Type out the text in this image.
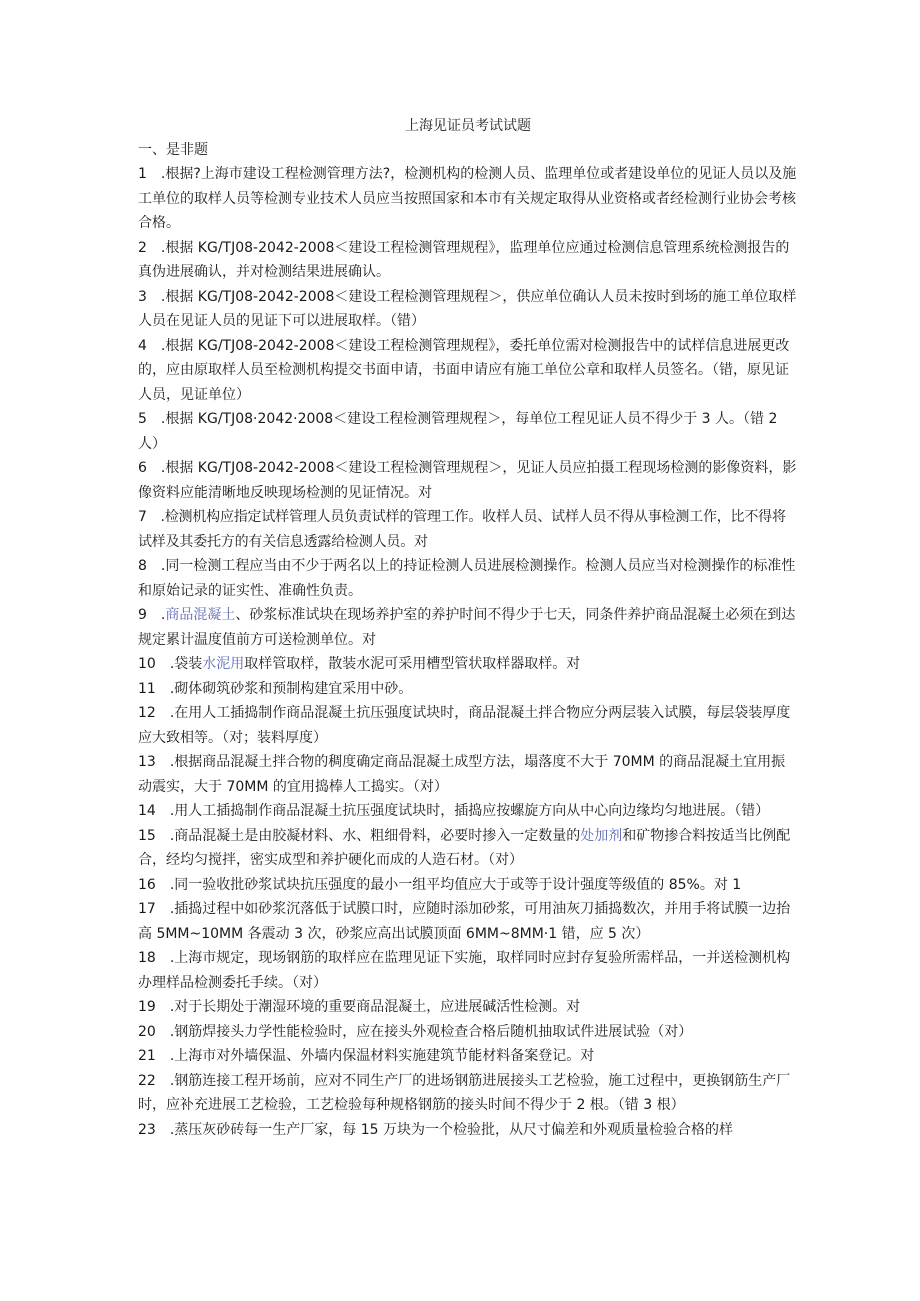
上海见证员考试试题
一、是非题

1　.根据?上海市建设工程检测管理方法?，检测机构的检测人员、监理单位或者建设单位的见证人员以及施工单位的取样人员等检测专业技术人员应当按照国家和本市有关规定取得从业资格或者经检测行业协会考核合格。

2　.根据 KG/TJ08-2042-2008＜建设工程检测管理规程》，监理单位应通过检测信息管理系统检测报告的真伪进展确认，并对检测结果进展确认。

3　.根据 KG/TJ08-2042-2008＜建设工程检测管理规程＞，供应单位确认人员未按时到场的施工单位取样人员在见证人员的见证下可以进展取样。（错）

4　.根据 KG/TJ08-2042-2008＜建设工程检测管理规程》，委托单位需对检测报告中的试样信息进展更改的，应由原取样人员至检测机构提交书面申请，书面申请应有施工单位公章和取样人员签名。（错，原见证人员，见证单位）

5　.根据 KG/TJ08·2042·2008＜建设工程检测管理规程＞，每单位工程见证人员不得少于 3 人。（错 2 人）

6　.根据 KG/TJ08-2042-2008＜建设工程检测管理规程＞，见证人员应拍摄工程现场检测的影像资料，影像资料应能清晰地反映现场检测的见证情况。对

7　.检测机构应指定试样管理人员负责试样的管理工作。收样人员、试样人员不得从事检测工作，比不得将试样及其委托方的有关信息透露给检测人员。对

8　.同一检测工程应当由不少于两名以上的持证检测人员进展检测操作。检测人员应当对检测操作的标准性和原始记录的证实性、准确性负责。

9　.商品混凝土、砂浆标准试块在现场养护室的养护时间不得少于七天，同条件养护商品混凝土必须在到达规定累计温度值前方可送检测单位。对

10　.袋装水泥用取样管取样，散装水泥可采用槽型管状取样器取样。对

11　.砌体砌筑砂浆和预制构建宜采用中砂。

12　.在用人工插捣制作商品混凝土抗压强度试块时，商品混凝土拌合物应分两层装入试膜，每层袋装厚度应大致相等。（对；装料厚度）

13　.根据商品混凝土拌合物的稠度确定商品混凝土成型方法，塌落度不大于 70MM 的商品混凝土宜用振动震实，大于 70MM 的宜用捣棒人工捣实。（对）

14　.用人工插捣制作商品混凝土抗压强度试块时，插捣应按螺旋方向从中心向边缘均匀地进展。（错）

15　.商品混凝土是由胶凝材料、水、粗细骨料，必要时掺入一定数量的处加剂和矿物掺合料按适当比例配合，经均匀搅拌，密实成型和养护硬化而成的人造石材。（对）

16　.同一验收批砂浆试块抗压强度的最小一组平均值应大于或等于设计强度等级值的 85%。对 1

17　.插捣过程中如砂浆沉落低于试膜口时，应随时添加砂浆，可用油灰刀插捣数次，并用手将试膜一边抬高 5MM~10MM 各震动 3 次，砂浆应高出试膜顶面 6MM~8MM·1 错，应 5 次）

18　.上海市规定，现场钢筋的取样应在监理见证下实施，取样同时应封存复验所需样品，一并送检测机构办理样品检测委托手续。（对）

19　.对于长期处于潮湿环境的重要商品混凝土，应进展碱活性检测。对

20　.钢筋焊接头力学性能检验时，应在接头外观检查合格后随机抽取试件进展试验（对）

21　.上海市对外墙保温、外墙内保温材料实施建筑节能材料备案登记。对

22　.钢筋连接工程开场前，应对不同生产厂的进场钢筋进展接头工艺检验，施工过程中，更换钢筋生产厂时，应补充进展工艺检验，工艺检验每种规格钢筋的接头时间不得少于 2 根。（错 3 根）

23　.蒸压灰砂砖每一生产厂家，每 15 万块为一个检验批，从尺寸偏差和外观质量检验合格的样
